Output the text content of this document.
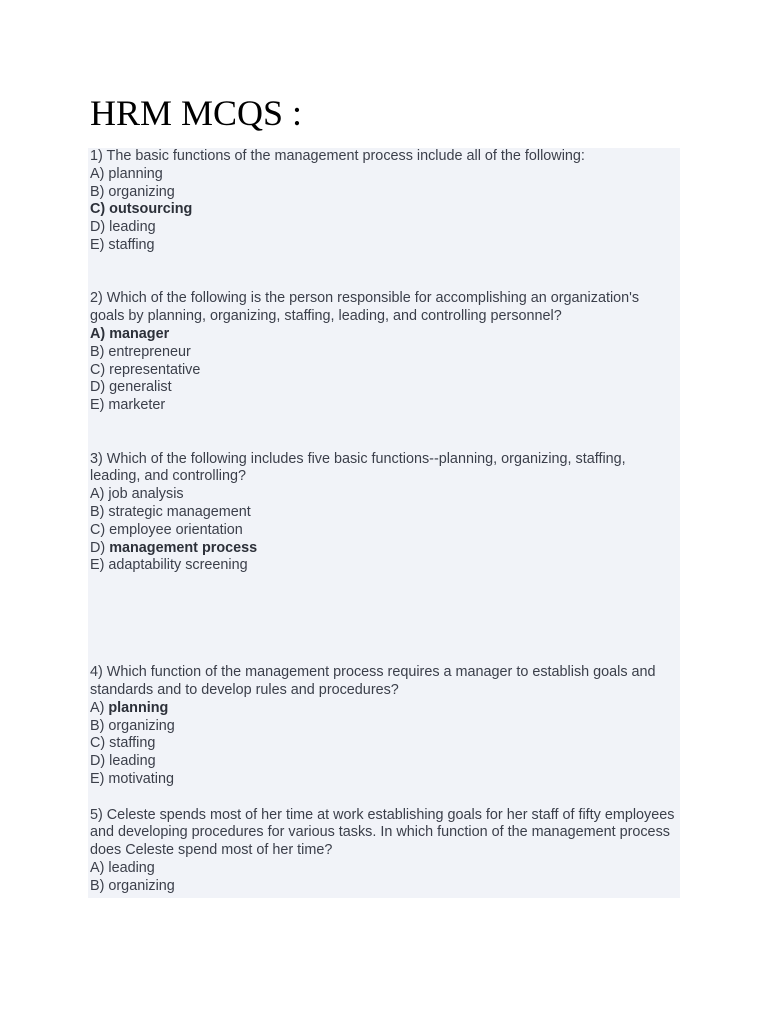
HRM MCQS :
1) The basic functions of the management process include all of the following:
A) planning
B) organizing
C) outsourcing
D) leading
E) staffing
2) Which of the following is the person responsible for accomplishing an organization's goals by planning, organizing, staffing, leading, and controlling personnel?
A) manager
B) entrepreneur
C) representative
D) generalist
E) marketer
3) Which of the following includes five basic functions--planning, organizing, staffing, leading, and controlling?
A) job analysis
B) strategic management
C) employee orientation
D) management process
E) adaptability screening
4) Which function of the management process requires a manager to establish goals and standards and to develop rules and procedures?
A) planning
B) organizing
C) staffing
D) leading
E) motivating
5) Celeste spends most of her time at work establishing goals for her staff of fifty employees and developing procedures for various tasks. In which function of the management process does Celeste spend most of her time?
A) leading
B) organizing
